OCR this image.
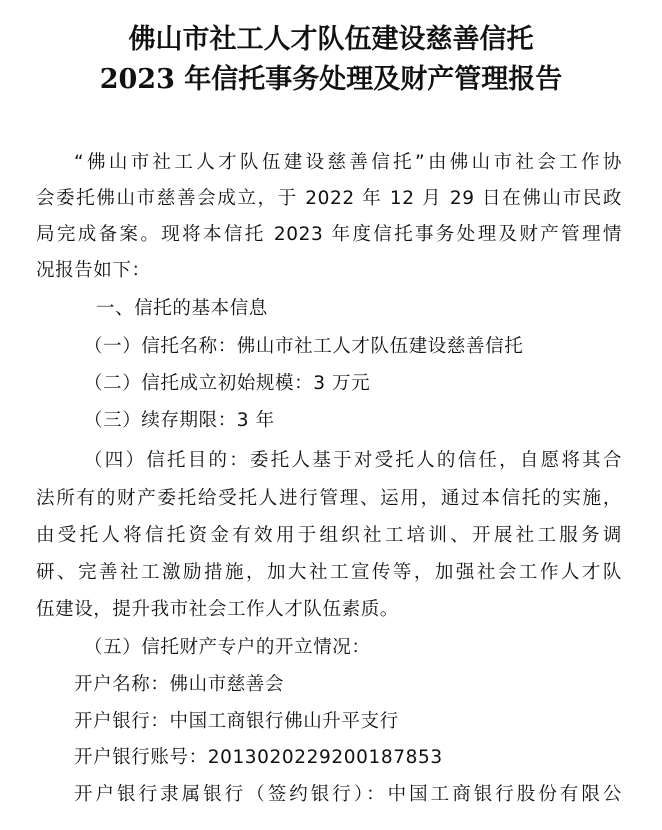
佛山市社工人才队伍建设慈善信托
2023 年信托事务处理及财产管理报告
“佛山市社工人才队伍建设慈善信托”由佛山市社会工作协
会委托佛山市慈善会成立，于 2022 年 12 月 29 日在佛山市民政
局完成备案。现将本信托 2023 年度信托事务处理及财产管理情
况报告如下：
一、信托的基本信息
（一）信托名称：佛山市社工人才队伍建设慈善信托
（二）信托成立初始规模：3 万元
（三）续存期限：3 年
（四）信托目的：委托人基于对受托人的信任，自愿将其合
法所有的财产委托给受托人进行管理、运用，通过本信托的实施，
由受托人将信托资金有效用于组织社工培训、开展社工服务调
研、完善社工激励措施，加大社工宣传等，加强社会工作人才队
伍建设，提升我市社会工作人才队伍素质。
（五）信托财产专户的开立情况：
开户名称：佛山市慈善会
开户银行：中国工商银行佛山升平支行
开户银行账号：2013020229200187853
开户银行隶属银行（签约银行）：中国工商银行股份有限公
